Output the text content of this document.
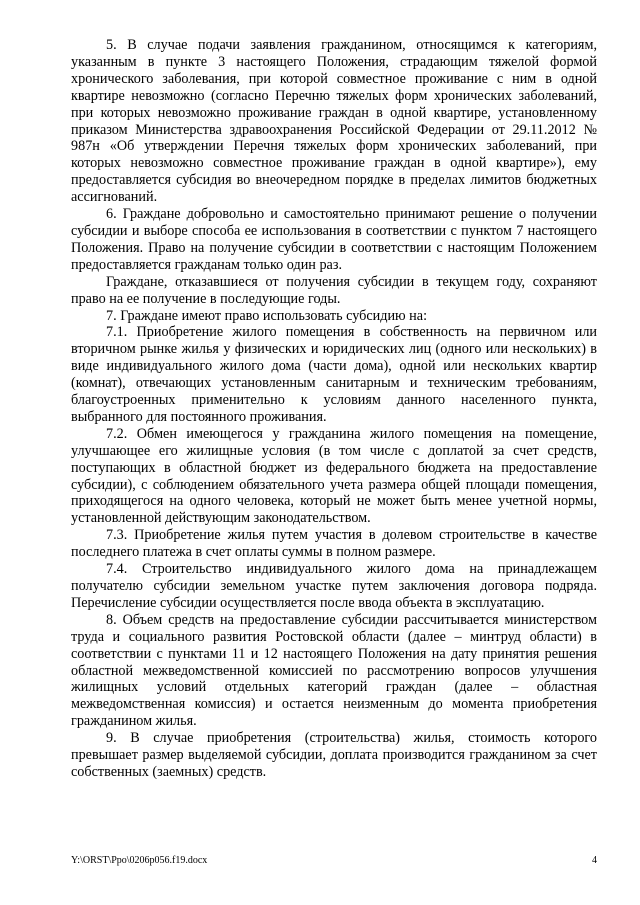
5. В случае подачи заявления гражданином, относящимся к категориям, указанным в пункте 3 настоящего Положения, страдающим тяжелой формой хронического заболевания, при которой совместное проживание с ним в одной квартире невозможно (согласно Перечню тяжелых форм хронических заболеваний, при которых невозможно проживание граждан в одной квартире, установленному приказом Министерства здравоохранения Российской Федерации от 29.11.2012 № 987н «Об утверждении Перечня тяжелых форм хронических заболеваний, при которых невозможно совместное проживание граждан в одной квартире»), ему предоставляется субсидия во внеочередном порядке в пределах лимитов бюджетных ассигнований.

6. Граждане добровольно и самостоятельно принимают решение о получении субсидии и выборе способа ее использования в соответствии с пунктом 7 настоящего Положения. Право на получение субсидии в соответствии с настоящим Положением предоставляется гражданам только один раз.

Граждане, отказавшиеся от получения субсидии в текущем году, сохраняют право на ее получение в последующие годы.

7. Граждане имеют право использовать субсидию на:

7.1. Приобретение жилого помещения в собственность на первичном или вторичном рынке жилья у физических и юридических лиц (одного или нескольких) в виде индивидуального жилого дома (части дома), одной или нескольких квартир (комнат), отвечающих установленным санитарным и техническим требованиям, благоустроенных применительно к условиям данного населенного пункта, выбранного для постоянного проживания.

7.2. Обмен имеющегося у гражданина жилого помещения на помещение, улучшающее его жилищные условия (в том числе с доплатой за счет средств, поступающих в областной бюджет из федерального бюджета на предоставление субсидии), с соблюдением обязательного учета размера общей площади помещения, приходящегося на одного человека, который не может быть менее учетной нормы, установленной действующим законодательством.

7.3. Приобретение жилья путем участия в долевом строительстве в качестве последнего платежа в счет оплаты суммы в полном размере.

7.4. Строительство индивидуального жилого дома на принадлежащем получателю субсидии земельном участке путем заключения договора подряда. Перечисление субсидии осуществляется после ввода объекта в эксплуатацию.

8. Объем средств на предоставление субсидии рассчитывается министерством труда и социального развития Ростовской области (далее – минтруд области) в соответствии с пунктами 11 и 12 настоящего Положения на дату принятия решения областной межведомственной комиссией по рассмотрению вопросов улучшения жилищных условий отдельных категорий граждан (далее – областная межведомственная комиссия) и остается неизменным до момента приобретения гражданином жилья.

9. В случае приобретения (строительства) жилья, стоимость которого превышает размер выделяемой субсидии, доплата производится гражданином за счет собственных (заемных) средств.

Y:\ORST\Ppo\0206p056.f19.docx	4
